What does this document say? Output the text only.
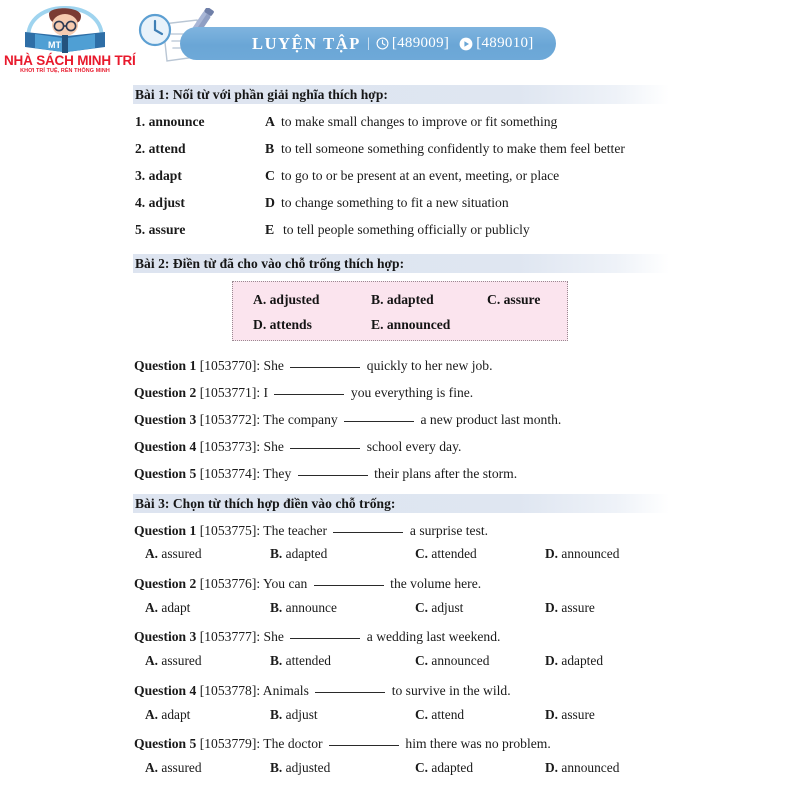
MT
NHÀ SÁCH MINH TRÍ
KHƠI TRÍ TUỆ, RÈN THÔNG MINH
LUYỆN TẬP | [489009] [489010]
Bài 1: Nối từ với phần giải nghĩa thích hợp:
1. announce	A to make small changes to improve or fit something
2. attend	B to tell someone something confidently to make them feel better
3. adapt	C to go to or be present at an event, meeting, or place
4. adjust	D to change something to fit a new situation
5. assure	E to tell people something officially or publicly
Bài 2: Điền từ đã cho vào chỗ trống thích hợp:
A. adjusted	B. adapted	C. assure
D. attends	E. announced
Question 1 [1053770]: She	quickly to her new job.
Question 2 [1053771]: I	you everything is fine.
Question 3 [1053772]: The company	a new product last month.
Question 4 [1053773]: She	school every day.
Question 5 [1053774]: They	their plans after the storm.
Bài 3: Chọn từ thích hợp điền vào chỗ trống:
Question 1 [1053775]: The teacher	a surprise test.
A. assured	B. adapted	C. attended	D. announced
Question 2 [1053776]: You can	the volume here.
A. adapt	B. announce	C. adjust	D. assure
Question 3 [1053777]: She	a wedding last weekend.
A. assured	B. attended	C. announced	D. adapted
Question 4 [1053778]: Animals	to survive in the wild.
A. adapt	B. adjust	C. attend	D. assure
Question 5 [1053779]: The doctor	him there was no problem.
A. assured	B. adjusted	C. adapted	D. announced
